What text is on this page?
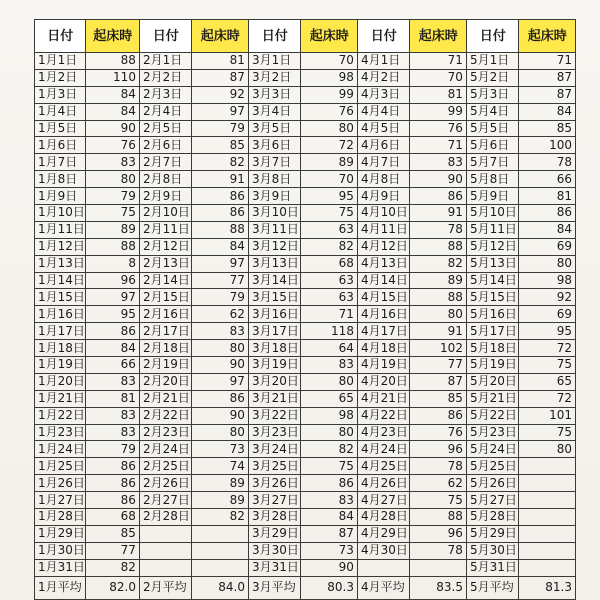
日付	起床時	日付	起床時	日付	起床時	日付	起床時	日付	起床時
1月1日	88	2月1日	81	3月1日	70	4月1日	71	5月1日	71
1月2日	110	2月2日	87	3月2日	98	4月2日	70	5月2日	87
1月3日	84	2月3日	92	3月3日	99	4月3日	81	5月3日	87
1月4日	84	2月4日	97	3月4日	76	4月4日	99	5月4日	84
1月5日	90	2月5日	79	3月5日	80	4月5日	76	5月5日	85
1月6日	76	2月6日	85	3月6日	72	4月6日	71	5月6日	100
1月7日	83	2月7日	82	3月7日	89	4月7日	83	5月7日	78
1月8日	80	2月8日	91	3月8日	70	4月8日	90	5月8日	66
1月9日	79	2月9日	86	3月9日	95	4月9日	86	5月9日	81
1月10日	75	2月10日	86	3月10日	75	4月10日	91	5月10日	86
1月11日	89	2月11日	88	3月11日	63	4月11日	78	5月11日	84
1月12日	88	2月12日	84	3月12日	82	4月12日	88	5月12日	69
1月13日	8	2月13日	97	3月13日	68	4月13日	82	5月13日	80
1月14日	96	2月14日	77	3月14日	63	4月14日	89	5月14日	98
1月15日	97	2月15日	79	3月15日	63	4月15日	88	5月15日	92
1月16日	95	2月16日	62	3月16日	71	4月16日	80	5月16日	69
1月17日	86	2月17日	83	3月17日	118	4月17日	91	5月17日	95
1月18日	84	2月18日	80	3月18日	64	4月18日	102	5月18日	72
1月19日	66	2月19日	90	3月19日	83	4月19日	77	5月19日	75
1月20日	83	2月20日	97	3月20日	80	4月20日	87	5月20日	65
1月21日	81	2月21日	86	3月21日	65	4月21日	85	5月21日	72
1月22日	83	2月22日	90	3月22日	98	4月22日	86	5月22日	101
1月23日	83	2月23日	80	3月23日	80	4月23日	76	5月23日	75
1月24日	79	2月24日	73	3月24日	82	4月24日	96	5月24日	80
1月25日	86	2月25日	74	3月25日	75	4月25日	78	5月25日	
1月26日	86	2月26日	89	3月26日	86	4月26日	62	5月26日	
1月27日	86	2月27日	89	3月27日	83	4月27日	75	5月27日	
1月28日	68	2月28日	82	3月28日	84	4月28日	88	5月28日	
1月29日	85			3月29日	87	4月29日	96	5月29日	
1月30日	77			3月30日	73	4月30日	78	5月30日	
1月31日	82			3月31日	90			5月31日	
1月平均	82.0	2月平均	84.0	3月平均	80.3	4月平均	83.5	5月平均	81.3
